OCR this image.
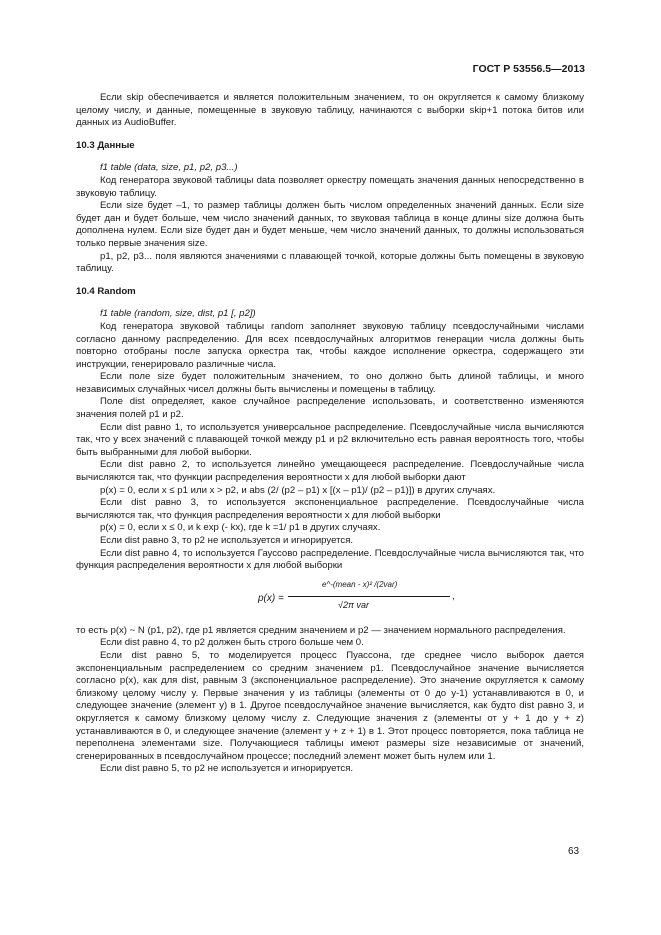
ГОСТ Р 53556.5—2013

Если skip обеспечивается и является положительным значением, то он округляется к самому близкому целому числу, и данные, помещенные в звуковую таблицу, начинаются с выборки skip+1 потока битов или данных из AudioBuffer.

10.3 Данные

f1 table (data, size, p1, p2, p3...)

Код генератора звуковой таблицы data позволяет оркестру помещать значения данных непосредственно в звуковую таблицу.

Если size будет –1, то размер таблицы должен быть числом определенных значений данных. Если size будет дан и будет больше, чем число значений данных, то звуковая таблица в конце длины size должна быть дополнена нулем. Если size будет дан и будет меньше, чем число значений данных, то должны использоваться только первые значения size.

p1, p2, p3... поля являются значениями с плавающей точкой, которые должны быть помещены в звуковую таблицу.

10.4 Random

f1 table (random, size, dist, p1 [, p2])

Код генератора звуковой таблицы random заполняет звуковую таблицу псевдослучайными числами согласно данному распределению. Для всех псевдослучайных алгоритмов генерации числа должны быть повторно отобраны после запуска оркестра так, чтобы каждое исполнение оркестра, содержащего эти инструкции, генерировало различные числа.

Если поле size будет положительным значением, то оно должно быть длиной таблицы, и много независимых случайных чисел должны быть вычислены и помещены в таблицу.

Поле dist определяет, какое случайное распределение использовать, и соответственно изменяются значения полей p1 и p2.

Если dist равно 1, то используется универсальное распределение. Псевдослучайные числа вычисляются так, что у всех значений с плавающей точкой между p1 и p2 включительно есть равная вероятность того, чтобы быть выбранными для любой выборки.

Если dist равно 2, то используется линейно умещающееся распределение. Псевдослучайные числа вычисляются так, что функции распределения вероятности x для любой выборки дают

p(x) = 0, если x ≤ p1 или x > p2, и abs (2/ (p2 – p1) x [(x – p1)/ (p2 – p1)]) в других случаях.

Если dist равно 3, то используется экспоненциальное распределение. Псевдослучайные числа вычисляются так, что функция распределения вероятности x для любой выборки

p(x) = 0, если x ≤ 0, и k exp (- kx), где k =1/ p1 в других случаях.

Если dist равно 3, то p2 не используется и игнорируется.

Если dist равно 4, то используется Гауссово распределение. Псевдослучайные числа вычисляются так, что функция распределения вероятности x для любой выборки

p(x) =
e^-(mean - x)² /(2var)
√2π var
,

то есть p(x) ~ N (p1, p2), где p1 является средним значением и p2 — значением нормального распределения.

Если dist равно 4, то p2 должен быть строго больше чем 0.

Если dist равно 5, то моделируется процесс Пуассона, где среднее число выборок дается экспоненциальным распределением со средним значением p1. Псевдослучайное значение вычисляется согласно p(x), как для dist, равным 3 (экспоненциальное распределение). Это значение округляется к самому близкому целому числу y. Первые значения y из таблицы (элементы от 0 до y-1) устанавливаются в 0, и следующее значение (элемент y) в 1. Другое псевдослучайное значение вычисляется, как будто dist равно 3, и округляется к самому близкому целому числу z. Следующие значения z (элементы от y + 1 до y + z) устанавливаются в 0, и следующее значение (элемент y + z + 1) в 1. Этот процесс повторяется, пока таблица не переполнена элементами size. Получающиеся таблицы имеют размеры size независимые от значений, сгенерированных в псевдослучайном процессе; последний элемент может быть нулем или 1.

Если dist равно 5, то p2 не используется и игнорируется.

63
